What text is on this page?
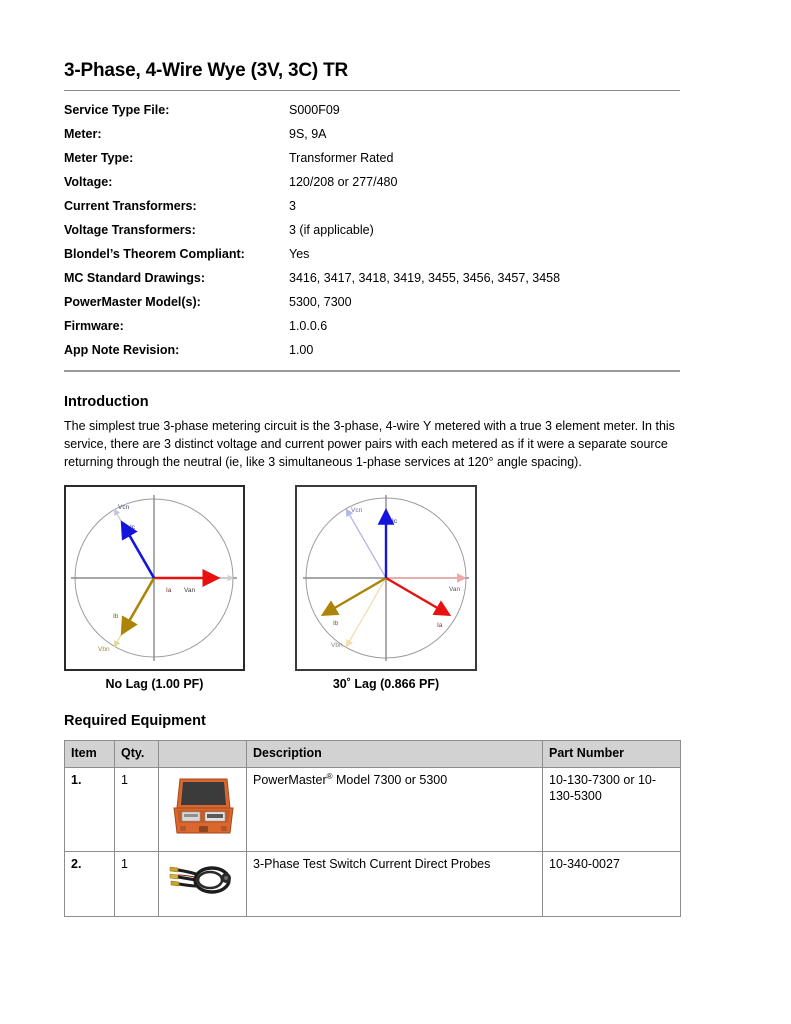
3-Phase, 4-Wire Wye (3V, 3C) TR
Service Type File:	S000F09
Meter:	9S, 9A
Meter Type:	Transformer Rated
Voltage:	120/208 or 277/480
Current Transformers:	3
Voltage Transformers:	3 (if applicable)
Blondel’s Theorem Compliant:	Yes
MC Standard Drawings:	3416, 3417, 3418, 3419, 3455, 3456, 3457, 3458
PowerMaster Model(s):	5300, 7300
Firmware:	1.0.0.6
App Note Revision:	1.00
Introduction

The simplest true 3-phase metering circuit is the 3-phase, 4-wire Y metered with a true 3 element meter. In this service, there are 3 distinct voltage and current power pairs with each metered as if it were a separate source returning through the neutral (ie, like 3 simultaneous 1-phase services at 120° angle spacing).

Van
Vbn
Vcn
Ia
Ib
Ic
Van
Vbn
Vcn
Ia
Ib
Ic
No Lag (1.00 PF)	30˚ Lag (0.866 PF)
Required Equipment
Item	Qty.		Description	Part Number
1.	1		PowerMaster® Model 7300 or 5300	10-130-7300 or 10-130-5300
2.	1		3-Phase Test Switch Current Direct Probes	10-340-0027
